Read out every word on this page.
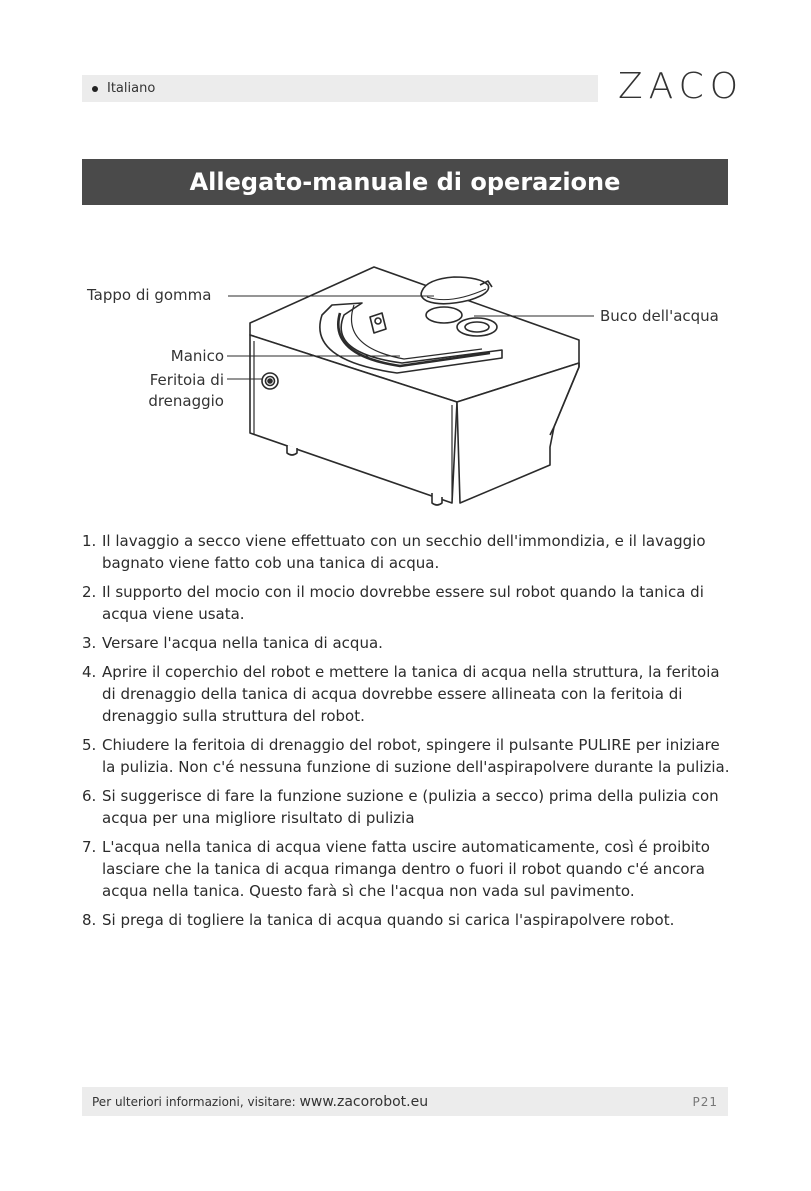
Italiano	ZACO
Allegato-manuale di operazione
Tappo di gomma
Buco dell'acqua
Manico
Feritoia di
drenaggio
1. Il lavaggio a secco viene effettuato con un secchio dell'immondizia, e il lavaggio bagnato viene fatto cob una tanica di acqua.
2. Il supporto del mocio con il mocio dovrebbe essere sul robot quando la tanica di acqua viene usata.
3. Versare l'acqua nella tanica di acqua.
4. Aprire il coperchio del robot e mettere la tanica di acqua nella struttura, la feritoia di drenaggio della tanica di acqua dovrebbe essere allineata con la feritoia di drenaggio sulla struttura del robot.
5. Chiudere la feritoia di drenaggio del robot, spingere il pulsante PULIRE per iniziare la pulizia. Non c'é nessuna funzione di suzione dell'aspirapolvere durante la pulizia.
6. Si suggerisce di fare la funzione suzione e (pulizia a secco) prima della pulizia con acqua per una migliore risultato di pulizia
7. L'acqua nella tanica di acqua viene fatta uscire automaticamente, così é proibito lasciare che la tanica di acqua rimanga dentro o fuori il robot quando c'é ancora acqua nella tanica. Questo farà sì che l'acqua non vada sul pavimento.
8. Si prega di togliere la tanica di acqua quando si carica l'aspirapolvere robot.
Per ulteriori informazioni, visitare: www.zacorobot.eu	P21
